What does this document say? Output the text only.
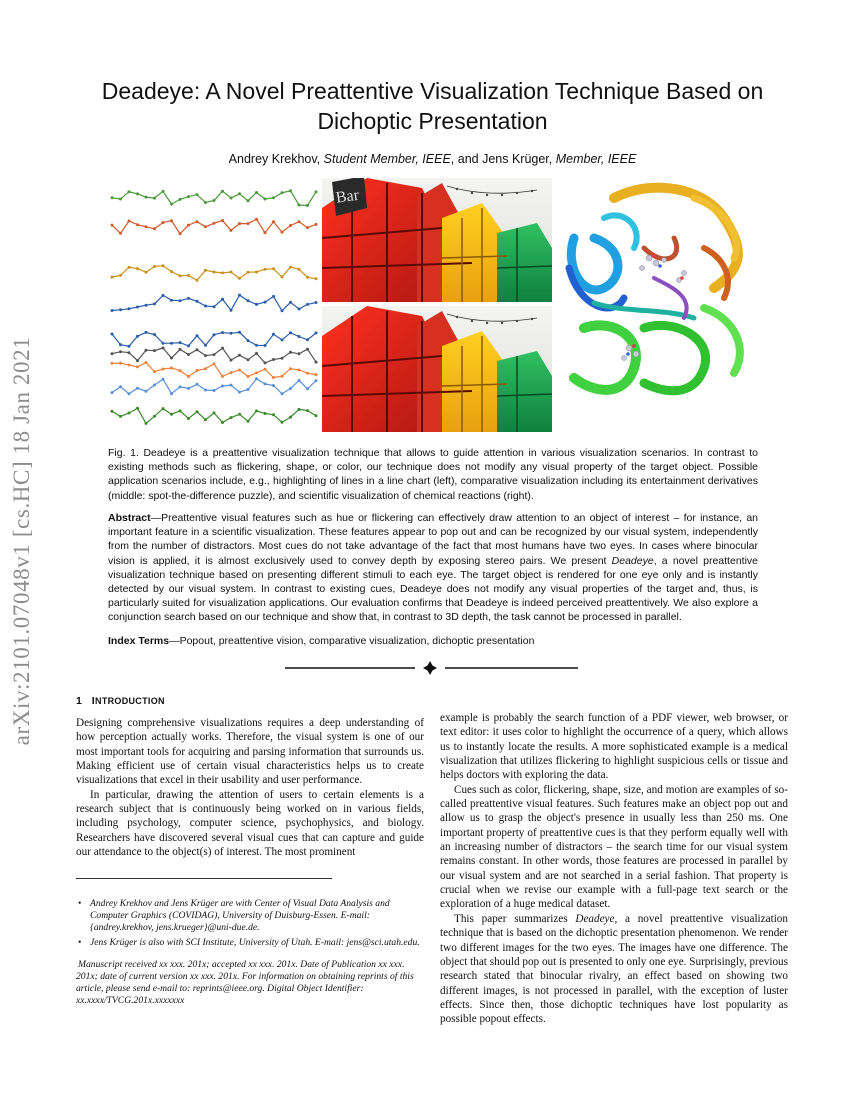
arXiv:2101.07048v1 [cs.HC] 18 Jan 2021
Deadeye: A Novel Preattentive Visualization Technique Based on Dichoptic Presentation
Andrey Krekhov, Student Member, IEEE, and Jens Krüger, Member, IEEE
Bar
Fig. 1. Deadeye is a preattentive visualization technique that allows to guide attention in various visualization scenarios. In contrast to existing methods such as flickering, shape, or color, our technique does not modify any visual property of the target object. Possible application scenarios include, e.g., highlighting of lines in a line chart (left), comparative visualization including its entertainment derivatives (middle: spot-the-difference puzzle), and scientific visualization of chemical reactions (right).
Abstract—Preattentive visual features such as hue or flickering can effectively draw attention to an object of interest – for instance, an important feature in a scientific visualization. These features appear to pop out and can be recognized by our visual system, independently from the number of distractors. Most cues do not take advantage of the fact that most humans have two eyes. In cases where binocular vision is applied, it is almost exclusively used to convey depth by exposing stereo pairs. We present Deadeye, a novel preattentive visualization technique based on presenting different stimuli to each eye. The target object is rendered for one eye only and is instantly detected by our visual system. In contrast to existing cues, Deadeye does not modify any visual properties of the target and, thus, is particularly suited for visualization applications. Our evaluation confirms that Deadeye is indeed perceived preattentively. We also explore a conjunction search based on our technique and show that, in contrast to 3D depth, the task cannot be processed in parallel.
Index Terms—Popout, preattentive vision, comparative visualization, dichoptic presentation
1 INTRODUCTION

Designing comprehensive visualizations requires a deep understanding of how perception actually works. Therefore, the visual system is one of our most important tools for acquiring and parsing information that surrounds us. Making efficient use of certain visual characteristics helps us to create visualizations that excel in their usability and user performance.

In particular, drawing the attention of users to certain elements is a research subject that is continuously being worked on in various fields, including psychology, computer science, psychophysics, and biology. Researchers have discovered several visual cues that can capture and guide our attendance to the object(s) of interest. The most prominent

• Andrey Krekhov and Jens Krüger are with Center of Visual Data Analysis and Computer Graphics (COVIDAG), University of Duisburg-Essen. E-mail: {andrey.krekhov, jens.krueger}@uni-due.de.
• Jens Krüger is also with SCI Institute, University of Utah. E-mail: jens@sci.utah.edu.
Manuscript received xx xxx. 201x; accepted xx xxx. 201x. Date of Publication xx xxx. 201x; date of current version xx xxx. 201x. For information on obtaining reprints of this article, please send e-mail to: reprints@ieee.org. Digital Object Identifier: xx.xxxx/TVCG.201x.xxxxxxx

example is probably the search function of a PDF viewer, web browser, or text editor: it uses color to highlight the occurrence of a query, which allows us to instantly locate the results. A more sophisticated example is a medical visualization that utilizes flickering to highlight suspicious cells or tissue and helps doctors with exploring the data.

Cues such as color, flickering, shape, size, and motion are examples of so-called preattentive visual features. Such features make an object pop out and allow us to grasp the object's presence in usually less than 250 ms. One important property of preattentive cues is that they perform equally well with an increasing number of distractors – the search time for our visual system remains constant. In other words, those features are processed in parallel by our visual system and are not searched in a serial fashion. That property is crucial when we revise our example with a full-page text search or the exploration of a huge medical dataset.

This paper summarizes Deadeye, a novel preattentive visualization technique that is based on the dichoptic presentation phenomenon. We render two different images for the two eyes. The images have one difference. The object that should pop out is presented to only one eye. Surprisingly, previous research stated that binocular rivalry, an effect based on showing two different images, is not processed in parallel, with the exception of luster effects. Since then, those dichoptic techniques have lost popularity as possible popout effects.
